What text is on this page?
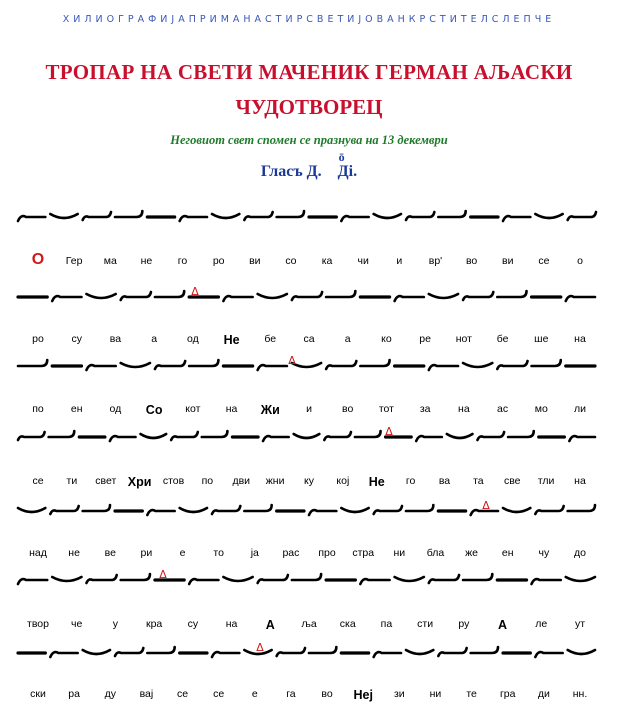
ХИЛИОГРАФИЈАПРИМАНАСТИРСВЕТИЈОВАНКРСТИТЕЛСЛЕПЧЕ
ТРОПАР НА СВЕТИ МАЧЕНИК ГЕРМАН АЉАСКИ
ЧУДОТВОРЕЦ
Неговиот свет спомен се празнува на 13 декември
Гласъ Д.
ō
Ді.
Δ
Δ
Δ
Δ
Δ
Δ
О Гер ма не го ро ви со ка чи	и	вр' во ви се	о
ро	су	ва	а	од Не бе	са	а	ко	ре нот бе ше на
по	ен	од Со кот на Жи	и	во тот за	на	ас	мо ли
се ти свет Хри стов по дви жни ку кој Не го ва та све тли на
над не ве ри	е	то	ја рас про стра ни бла же ен чу до
твор че	у	кра су	на А	ља ска па сти ру А	ле	ут
ски ра ду вај се се	е	га во Неј зи ни те гра ди нн.
